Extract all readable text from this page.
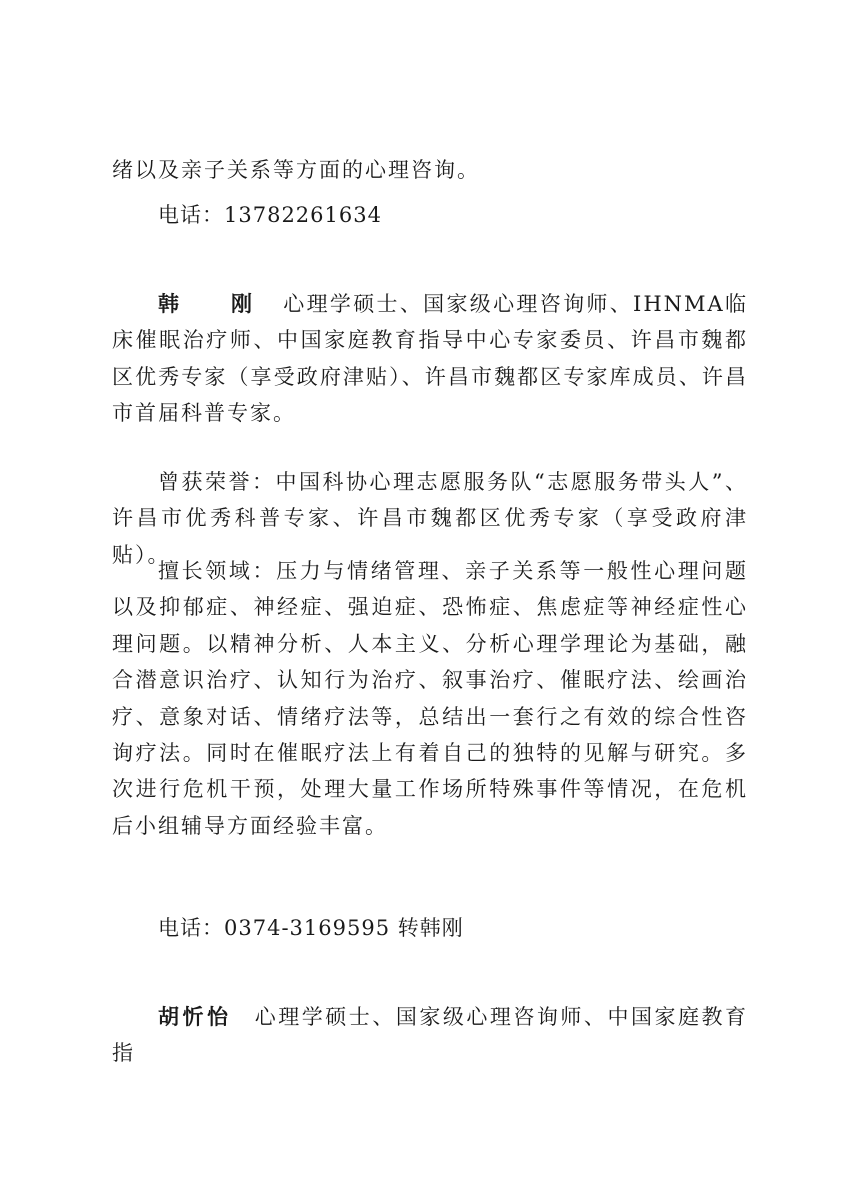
绪以及亲子关系等方面的心理咨询。

电话：13782261634

韩 刚 心理学硕士、国家级心理咨询师、IHNMA临床催眠治疗师、中国家庭教育指导中心专家委员、许昌市魏都区优秀专家（享受政府津贴）、许昌市魏都区专家库成员、许昌市首届科普专家。

曾获荣誉：中国科协心理志愿服务队“志愿服务带头人”、许昌市优秀科普专家、许昌市魏都区优秀专家（享受政府津贴）。

擅长领域：压力与情绪管理、亲子关系等一般性心理问题以及抑郁症、神经症、强迫症、恐怖症、焦虑症等神经症性心理问题。以精神分析、人本主义、分析心理学理论为基础，融合潜意识治疗、认知行为治疗、叙事治疗、催眠疗法、绘画治疗、意象对话、情绪疗法等，总结出一套行之有效的综合性咨询疗法。同时在催眠疗法上有着自己的独特的见解与研究。多次进行危机干预，处理大量工作场所特殊事件等情况，在危机后小组辅导方面经验丰富。

电话：0374-3169595 转韩刚

胡忻怡 心理学硕士、国家级心理咨询师、中国家庭教育指
